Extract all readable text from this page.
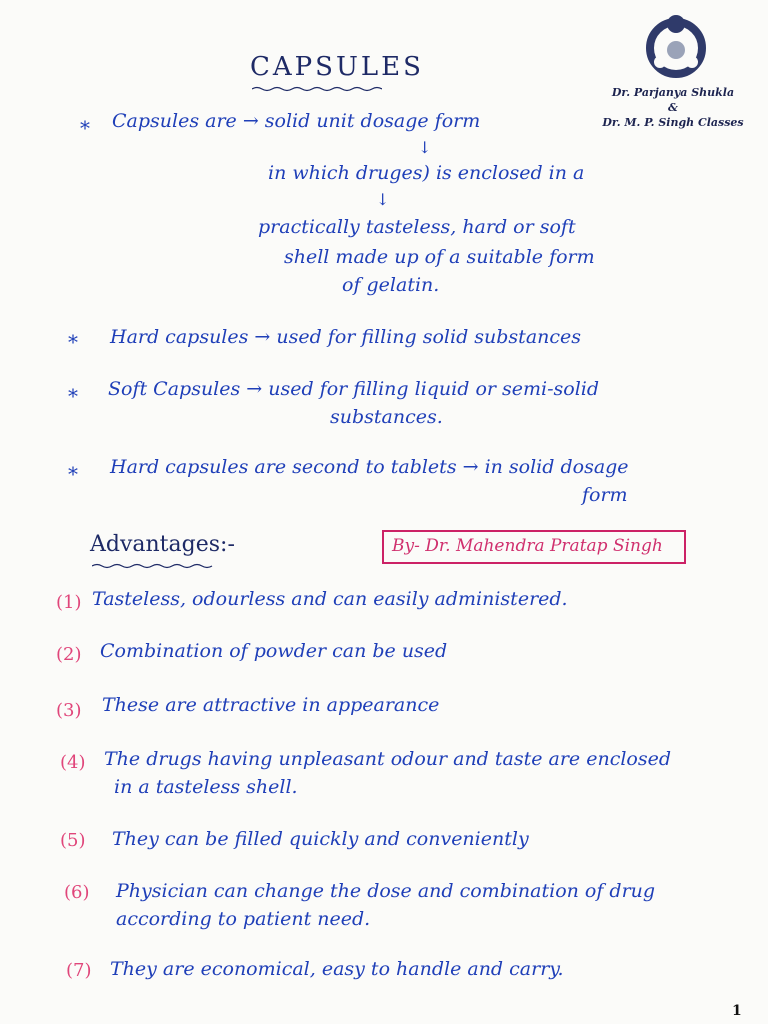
CAPSULES
Dr. Parjanya Shukla
&
Dr. M. P. Singh Classes
* Capsules are → solid unit dosage form
↓
in which druges) is enclosed in a
↓
practically tasteless, hard or soft
shell made up of a suitable form
of gelatin.
* Hard capsules → used for filling solid substances
* Soft Capsules → used for filling liquid or semi-solid
substances.
* Hard capsules are second to tablets → in solid dosage
form
Advantages:-	By- Dr. Mahendra Pratap Singh
(1) Tasteless, odourless and can easily administered.
(2) Combination of powder can be used
(3) These are attractive in appearance
(4) The drugs having unpleasant odour and taste are enclosed
in a tasteless shell.
(5) They can be filled quickly and conveniently
(6) Physician can change the dose and combination of drug
according to patient need.
(7) They are economical, easy to handle and carry.
1
